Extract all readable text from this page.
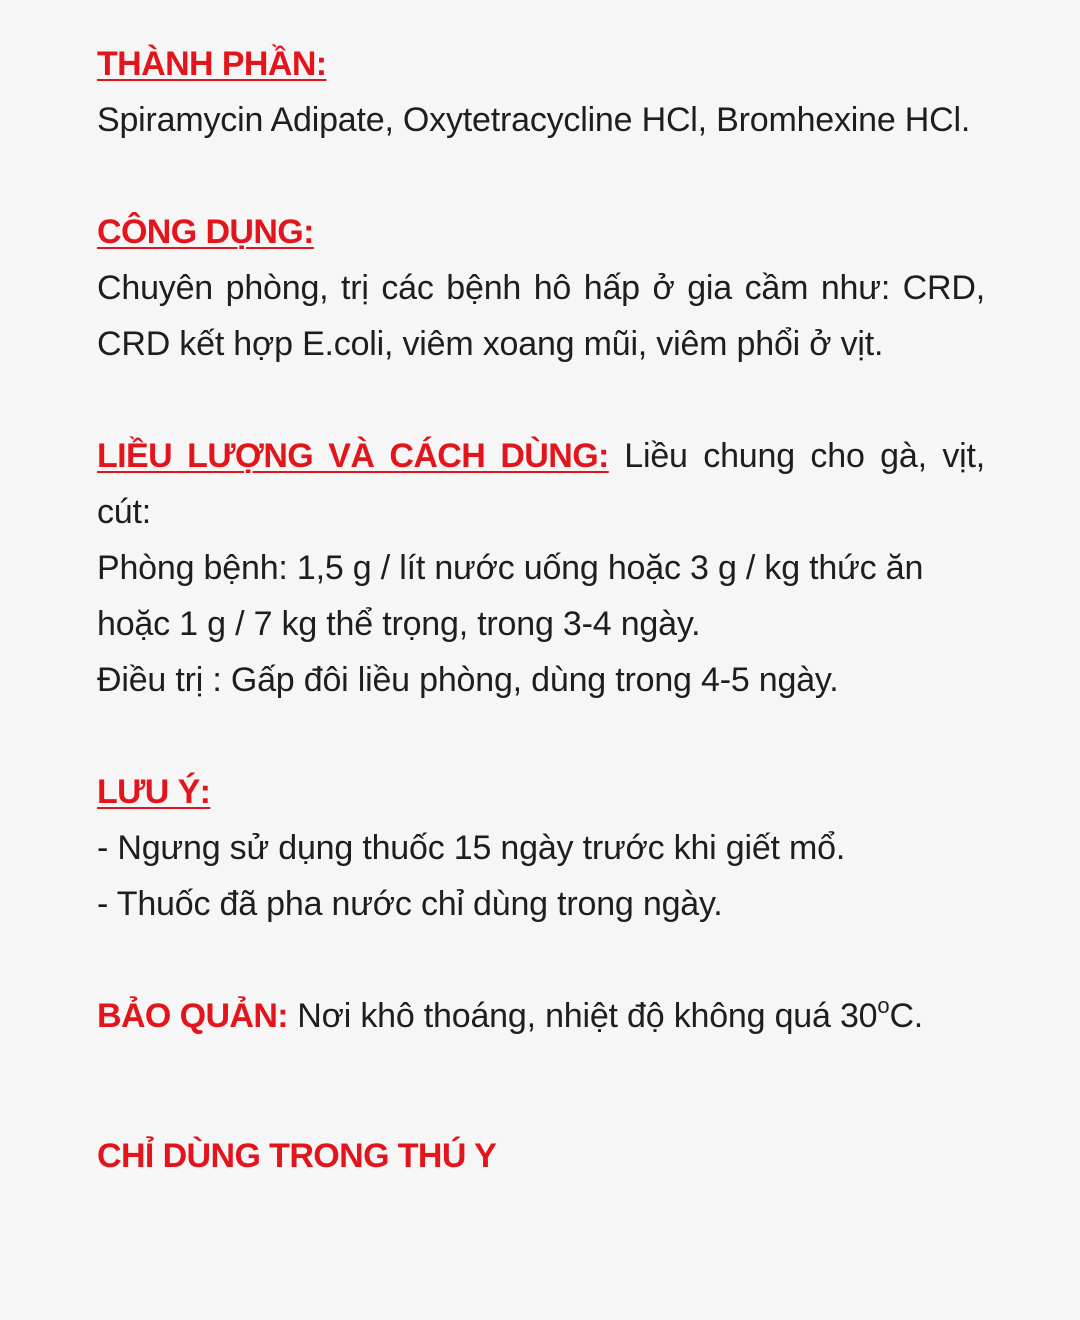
THÀNH PHẦN:

Spiramycin Adipate, Oxytetracycline HCl, Bromhexine HCl.

CÔNG DỤNG:

Chuyên phòng, trị các bệnh hô hấp ở gia cầm như: CRD, CRD kết hợp E.coli, viêm xoang mũi, viêm phổi ở vịt.

LIỀU LƯỢNG VÀ CÁCH DÙNG: Liều chung cho gà, vịt, cút:

Phòng bệnh: 1,5 g / lít nước uống hoặc 3 g / kg thức ăn

hoặc 1 g / 7 kg thể trọng, trong 3-4 ngày.

Điều trị : Gấp đôi liều phòng, dùng trong 4-5 ngày.

LƯU Ý:

- Ngưng sử dụng thuốc 15 ngày trước khi giết mổ.

- Thuốc đã pha nước chỉ dùng trong ngày.

BẢO QUẢN: Nơi khô thoáng, nhiệt độ không quá 30$^o$C.

CHỈ DÙNG TRONG THÚ Y
